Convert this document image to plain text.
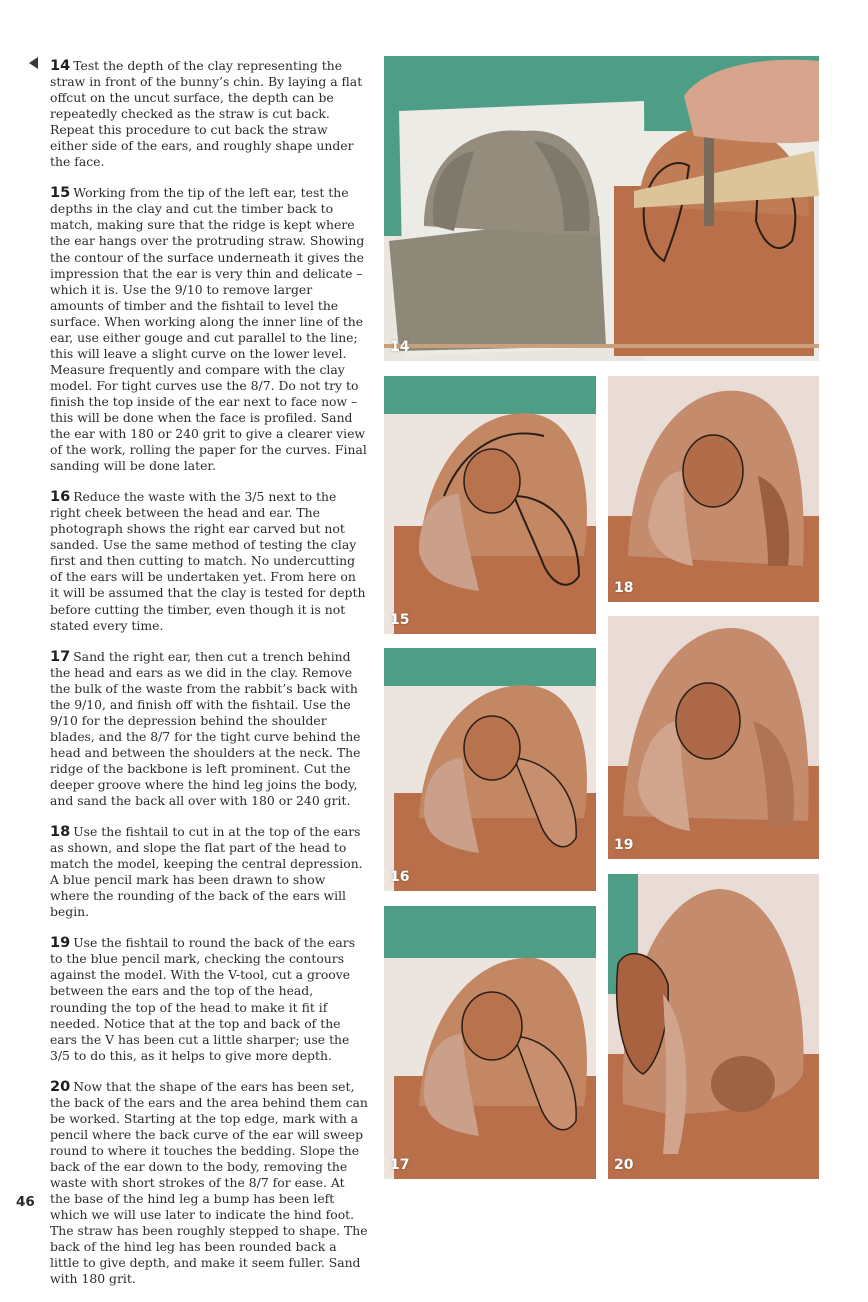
14 Test the depth of the clay representing the straw in front of the bunny’s chin. By laying a flat offcut on the uncut surface, the depth can be repeatedly checked as the straw is cut back. Repeat this procedure to cut back the straw either side of the ears, and roughly shape under the face.

15 Working from the tip of the left ear, test the depths in the clay and cut the timber back to match, making sure that the ridge is kept where the ear hangs over the protruding straw. Showing the contour of the surface underneath it gives the impression that the ear is very thin and delicate – which it is. Use the 9/10 to remove larger amounts of timber and the fishtail to level the surface. When working along the inner line of the ear, use either gouge and cut parallel to the line; this will leave a slight curve on the lower level. Measure frequently and compare with the clay model. For tight curves use the 8/7. Do not try to finish the top inside of the ear next to face now – this will be done when the face is profiled. Sand the ear with 180 or 240 grit to give a clearer view of the work, rolling the paper for the curves. Final sanding will be done later.

16 Reduce the waste with the 3/5 next to the right cheek between the head and ear. The photograph shows the right ear carved but not sanded. Use the same method of testing the clay first and then cutting to match. No undercutting of the ears will be undertaken yet. From here on it will be assumed that the clay is tested for depth before cutting the timber, even though it is not stated every time.

17 Sand the right ear, then cut a trench behind the head and ears as we did in the clay. Remove the bulk of the waste from the rabbit’s back with the 9/10, and finish off with the fishtail. Use the 9/10 for the depression behind the shoulder blades, and the 8/7 for the tight curve behind the head and between the shoulders at the neck. The ridge of the backbone is left prominent. Cut the deeper groove where the hind leg joins the body, and sand the back all over with 180 or 240 grit.

18 Use the fishtail to cut in at the top of the ears as shown, and slope the flat part of the head to match the model, keeping the central depression. A blue pencil mark has been drawn to show where the rounding of the back of the ears will begin.

19 Use the fishtail to round the back of the ears to the blue pencil mark, checking the contours against the model. With the V-tool, cut a groove between the ears and the top of the head, rounding the top of the head to make it fit if needed. Notice that at the top and back of the ears the V has been cut a little sharper; use the 3/5 to do this, as it helps to give more depth.

20 Now that the shape of the ears has been set, the back of the ears and the area behind them can be worked. Starting at the top edge, mark with a pencil where the back curve of the ear will sweep round to where it touches the bedding. Slope the back of the ear down to the body, removing the waste with short strokes of the 8/7 for ease. At the base of the hind leg a bump has been left which we will use later to indicate the hind foot. The straw has been roughly stepped to shape. The back of the hind leg has been rounded back a little to give depth, and make it seem fuller. Sand with 180 grit.

46
14
15
18
16
19
17	20
